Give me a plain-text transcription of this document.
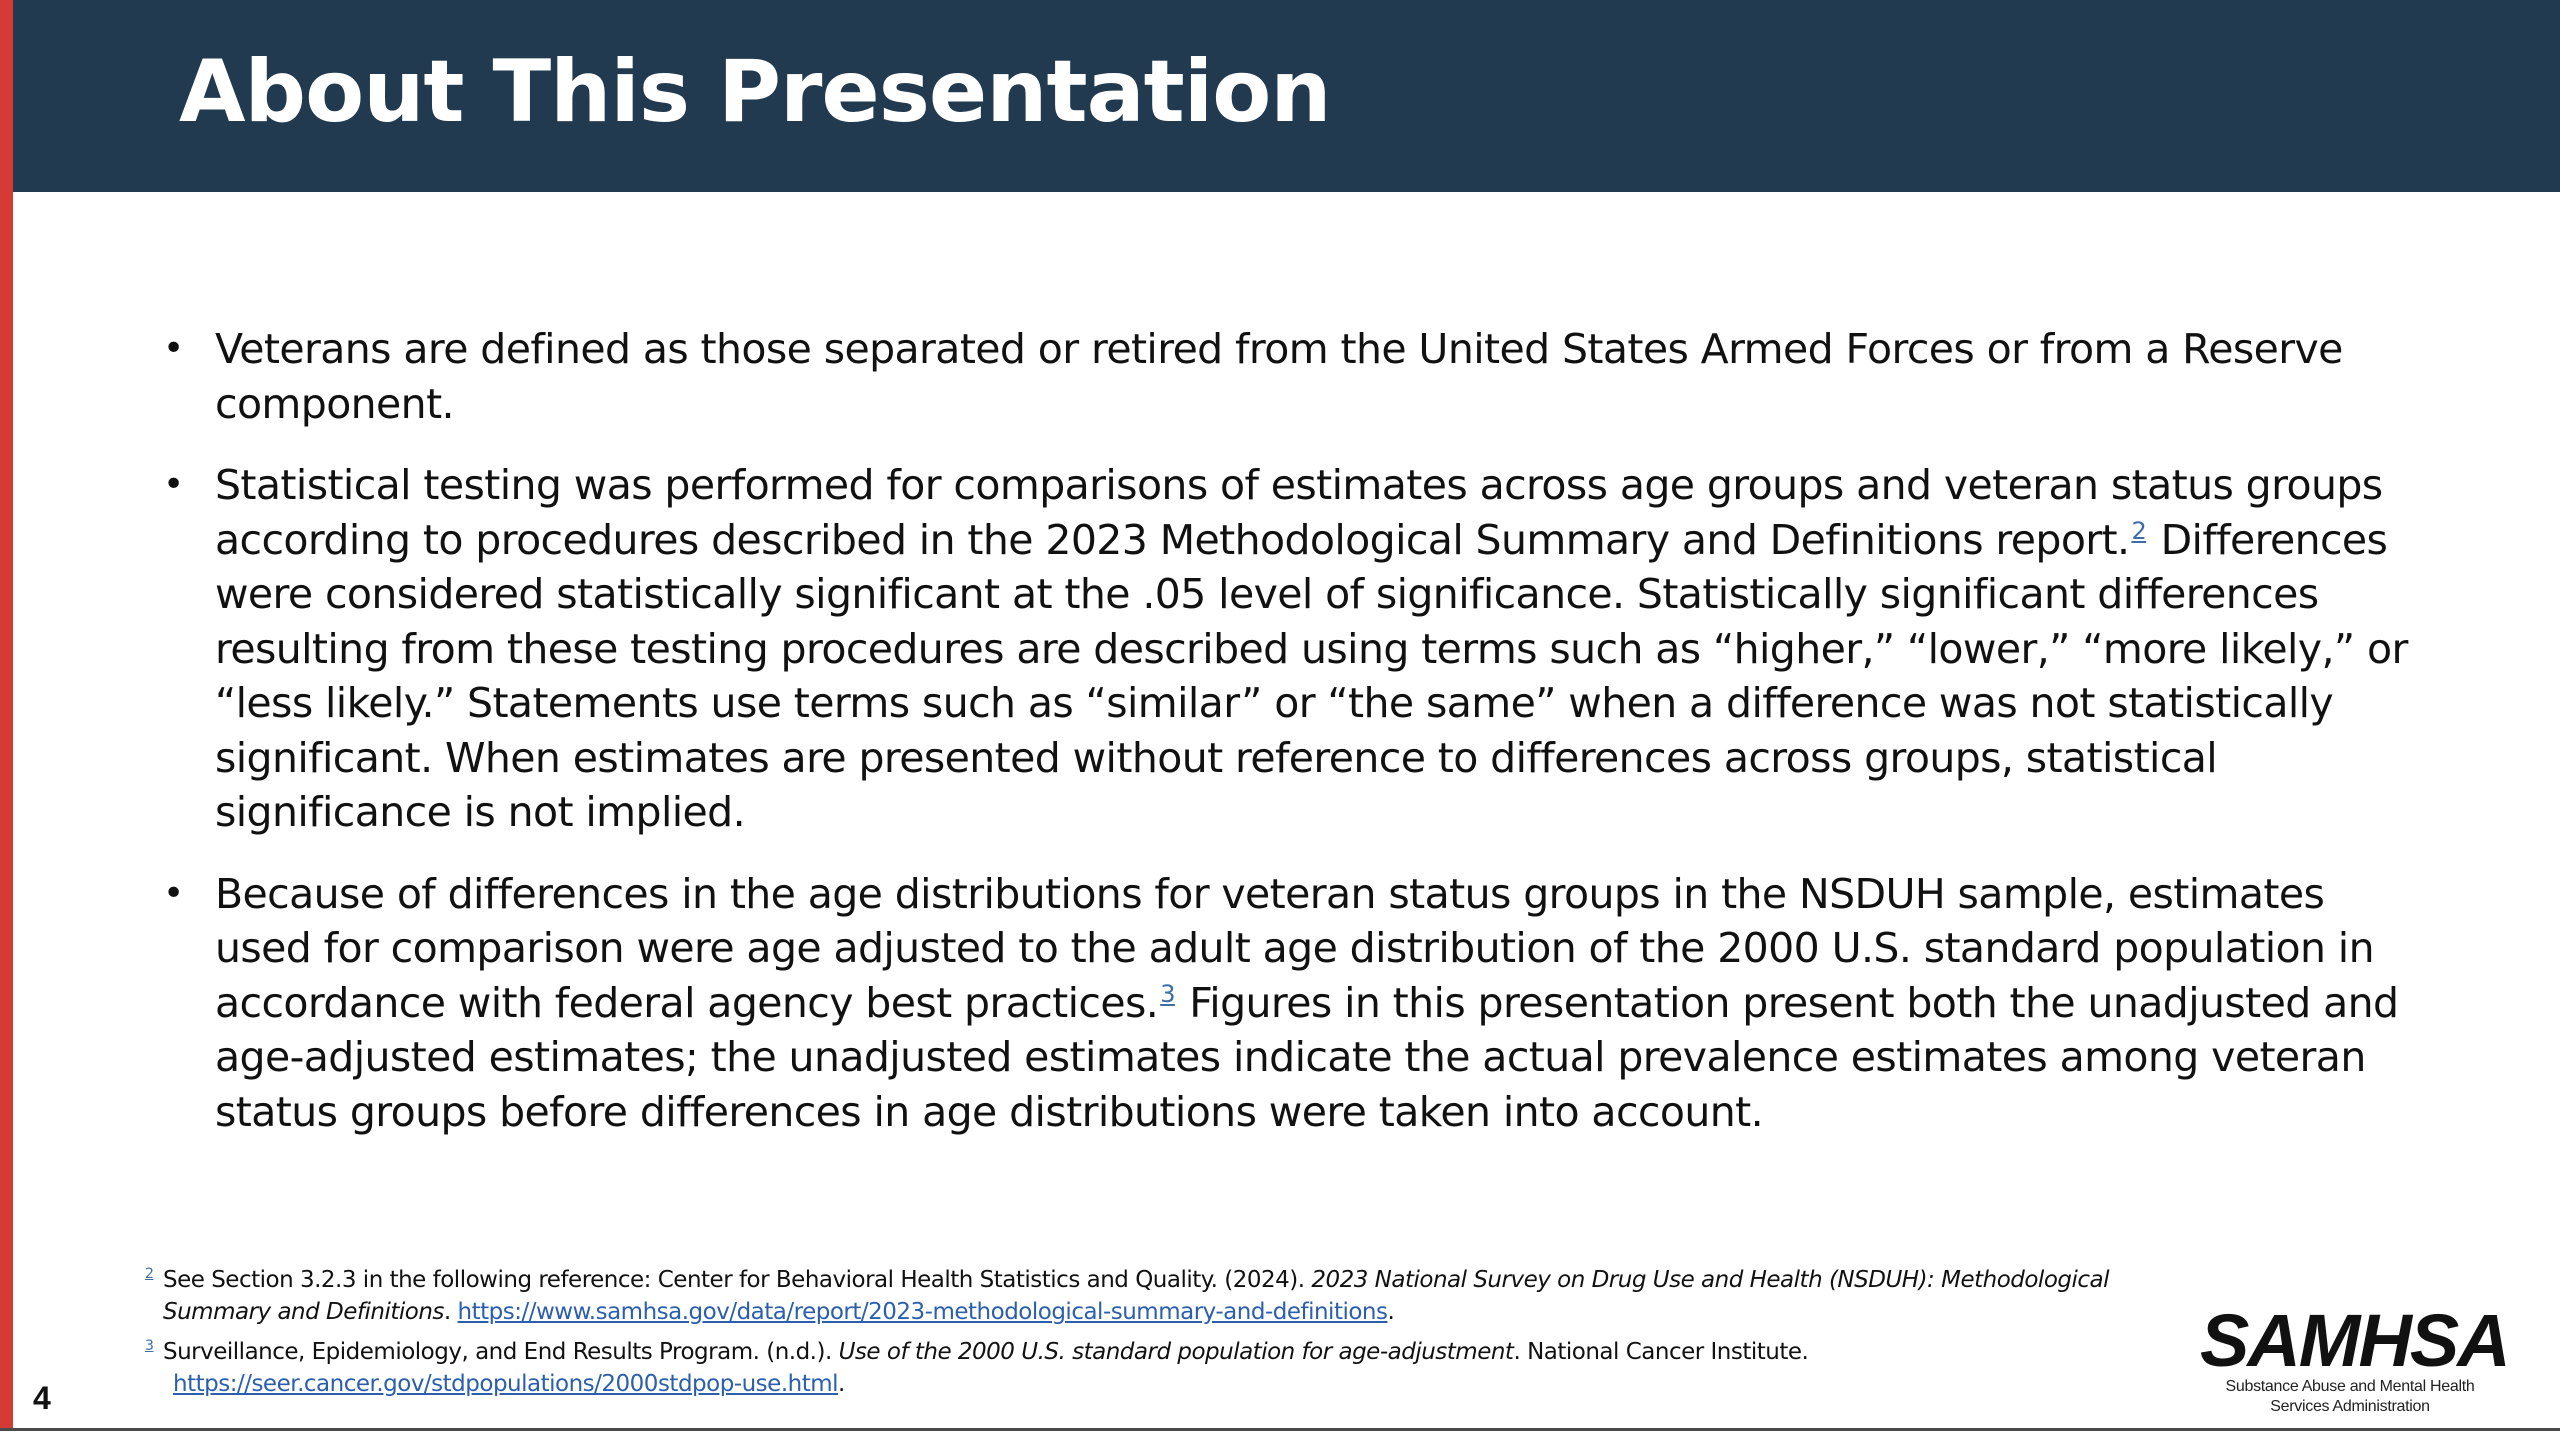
About This Presentation
• Veterans are defined as those separated or retired from the United States Armed Forces or from a Reserve component.
• Statistical testing was performed for comparisons of estimates across age groups and veteran status groups according to procedures described in the 2023 Methodological Summary and Definitions report.$^2$ Differences were considered statistically significant at the .05 level of significance. Statistically significant differences resulting from these testing procedures are described using terms such as “higher,” “lower,” “more likely,” or “less likely.” Statements use terms such as “similar” or “the same” when a difference was not statistically significant. When estimates are presented without reference to differences across groups, statistical significance is not implied.
• Because of differences in the age distributions for veteran status groups in the NSDUH sample, estimates used for comparison were age adjusted to the adult age distribution of the 2000 U.S. standard population in accordance with federal agency best practices.$^3$ Figures in this presentation present both the unadjusted and age-adjusted estimates; the unadjusted estimates indicate the actual prevalence estimates among veteran status groups before differences in age distributions were taken into account.
2 See Section 3.2.3 in the following reference: Center for Behavioral Health Statistics and Quality. (2024). 2023 National Survey on Drug Use and Health (NSDUH): Methodological Summary and Definitions. https://www.samhsa.gov/data/report/2023-methodological-summary-and-definitions.
3 Surveillance, Epidemiology, and End Results Program. (n.d.). Use of the 2000 U.S. standard population for age-adjustment. National Cancer Institute.

https://seer.cancer.gov/stdpopulations/2000stdpop-use.html.
4
SAMHSA
Substance Abuse and Mental Health
Services Administration
